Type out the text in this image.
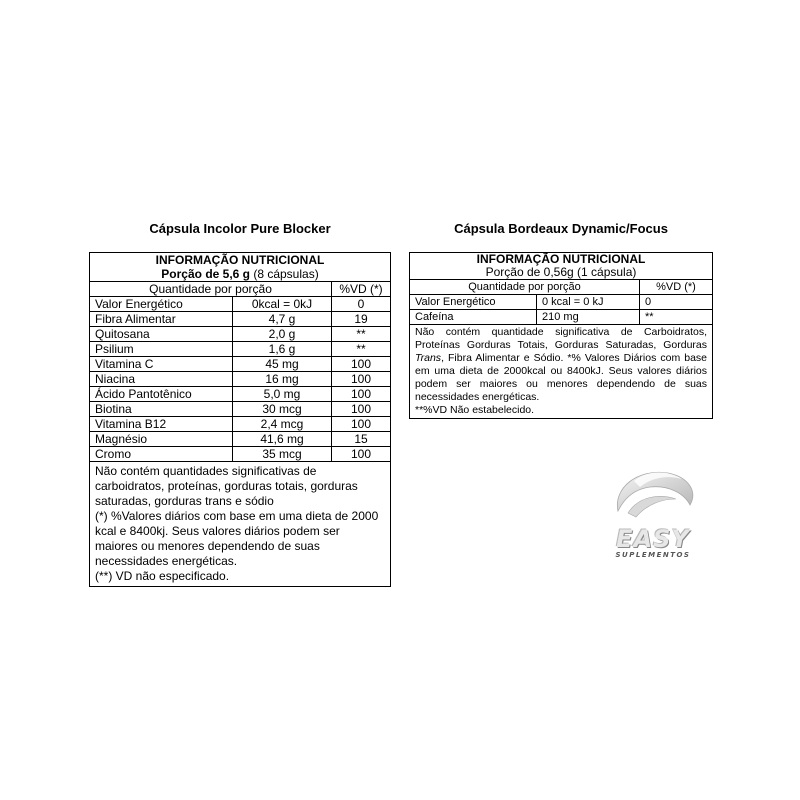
Cápsula Incolor Pure Blocker
INFORMAÇÃO NUTRICIONAL
Porção de 5,6 g (8 cápsulas)		
Quantidade por porção		%VD (*)
Valor Energético	0kcal = 0kJ	0
Fibra Alimentar	4,7 g	19
Quitosana	2,0 g	**
Psilium	1,6 g	**
Vitamina C	45 mg	100
Niacina	16 mg	100
Ácido Pantotênico	5,0 mg	100
Biotina	30 mcg	100
Vitamina B12	2,4 mcg	100
Magnésio	41,6 mg	15
Cromo	35 mcg	100

Não contém quantidades significativas de carboidratos, proteínas, gorduras totais, gorduras saturadas, gorduras trans e sódio
(*) %Valores diários com base em uma dieta de 2000 kcal e 8400kj. Seus valores diários podem ser maiores ou menores dependendo de suas necessidades energéticas.
(**) VD não especificado.		
Cápsula Bordeaux Dynamic/Focus
INFORMAÇÃO NUTRICIONAL
Porção de 0,56g (1 cápsula)		
Quantidade por porção		%VD (*)
Valor Energético	0 kcal = 0 kJ	0
Cafeína	210 mg	**

Não contém quantidade significativa de Carboidratos, Proteínas Gorduras Totais, Gorduras Saturadas, Gorduras Trans, Fibra Alimentar e Sódio. *% Valores Diários com base em uma dieta de 2000kcal ou 8400kJ. Seus valores diários podem ser maiores ou menores dependendo de suas necessidades energéticas.
**%VD Não estabelecido.		
EASY
SUPLEMENTOS
